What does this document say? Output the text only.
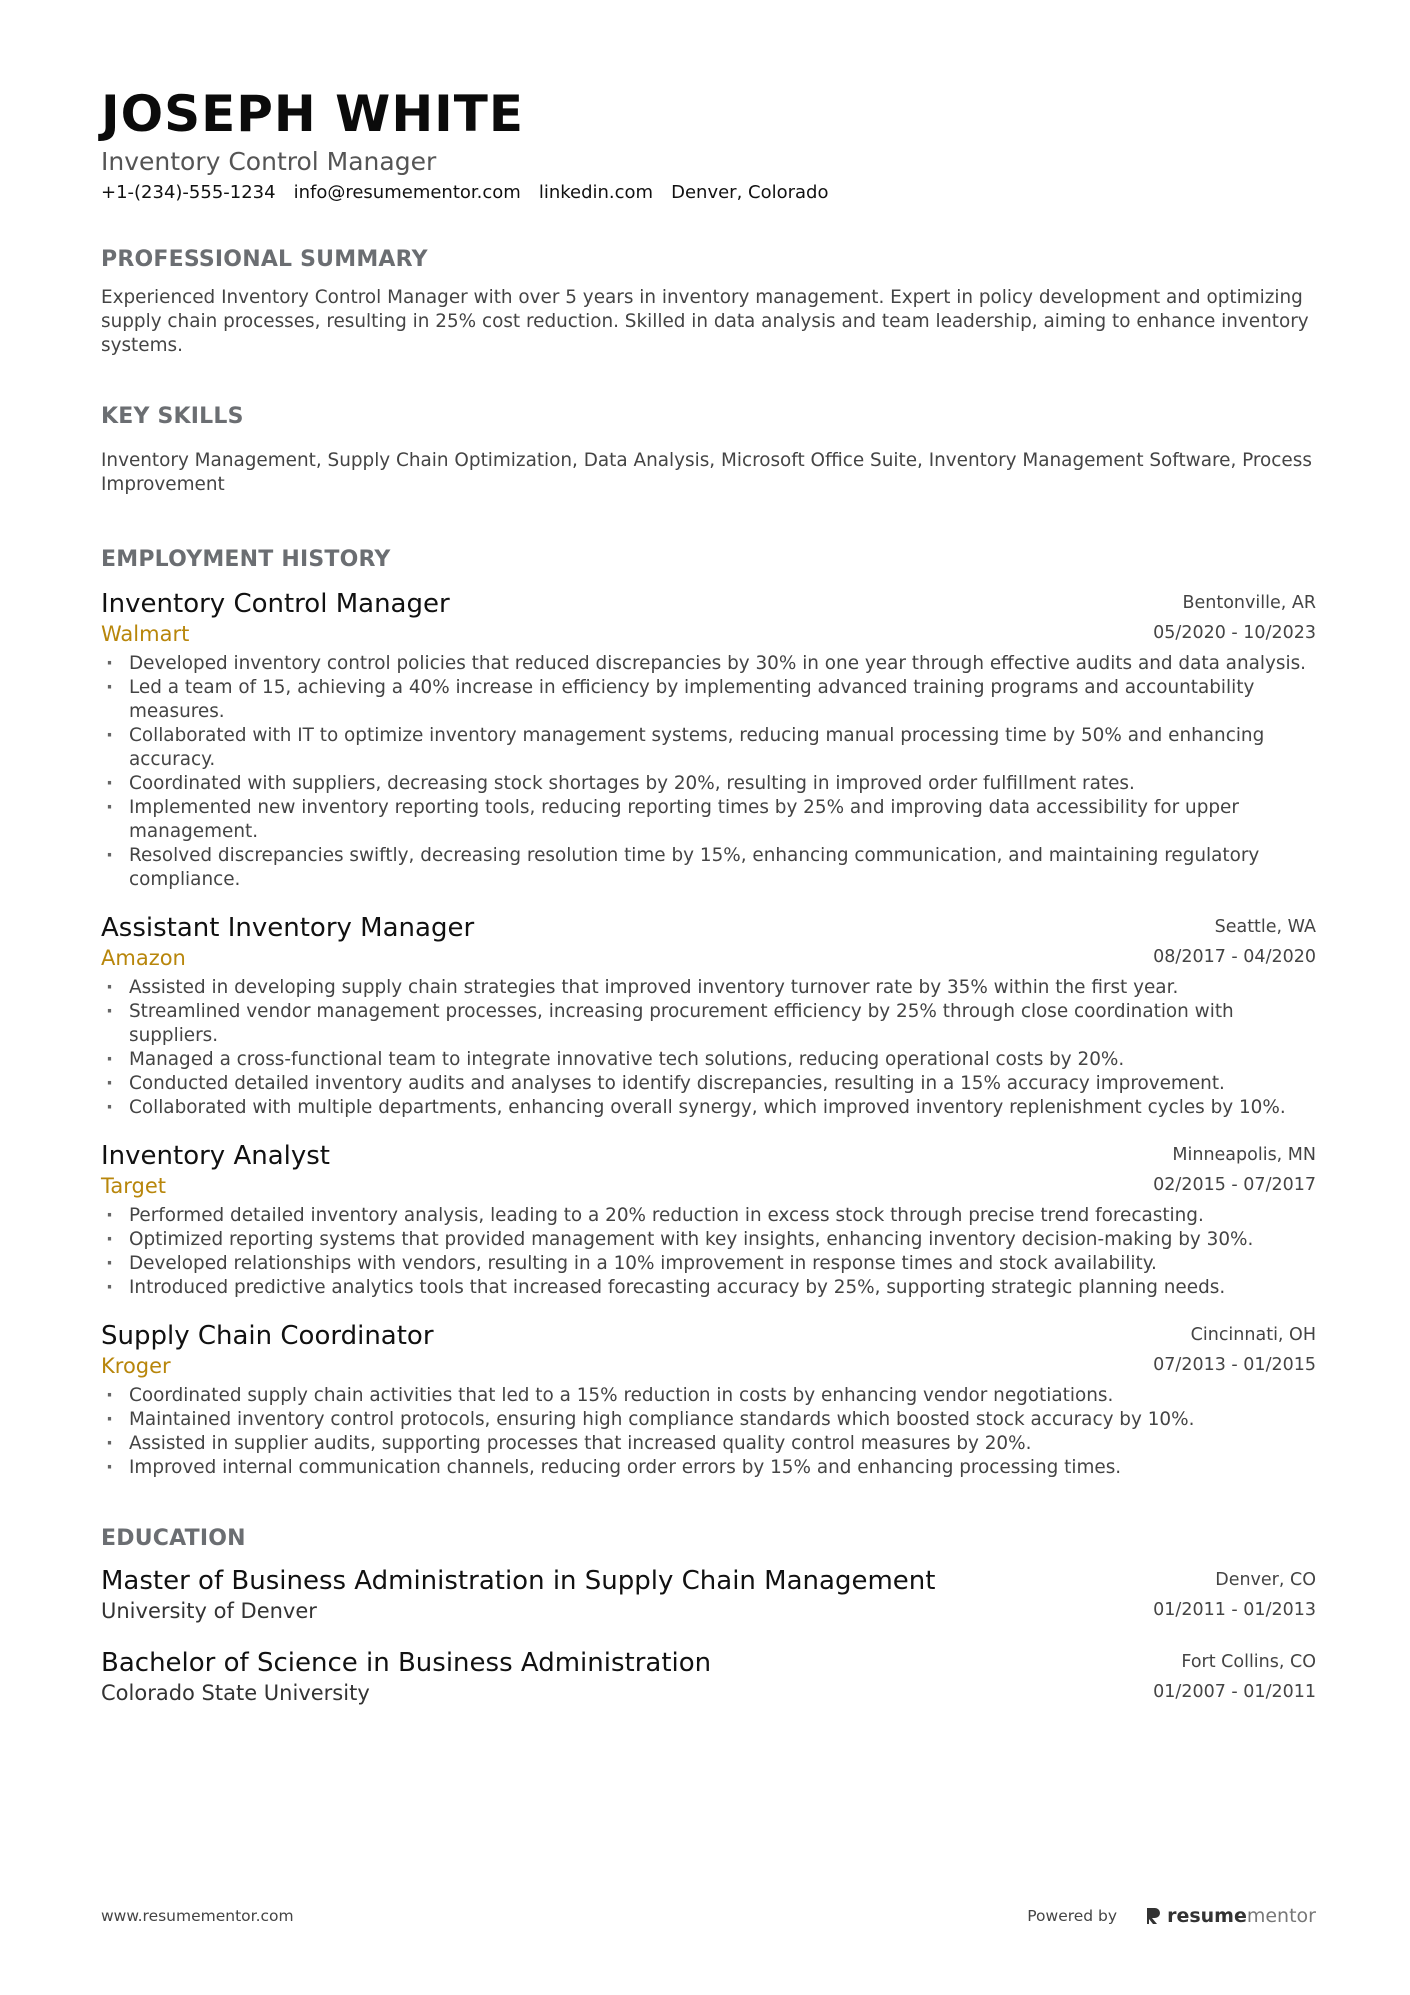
JOSEPH WHITE
Inventory Control Manager
+1-(234)-555-1234 info@resumementor.com linkedin.com Denver, Colorado
PROFESSIONAL SUMMARY
Experienced Inventory Control Manager with over 5 years in inventory management. Expert in policy development and optimizing supply chain processes, resulting in 25% cost reduction. Skilled in data analysis and team leadership, aiming to enhance inventory systems.
KEY SKILLS
Inventory Management, Supply Chain Optimization, Data Analysis, Microsoft Office Suite, Inventory Management Software, Process Improvement
EMPLOYMENT HISTORY
Inventory Control Manager
Walmart
Bentonville, AR
05/2020 - 10/2023
· Developed inventory control policies that reduced discrepancies by 30% in one year through effective audits and data analysis.
· Led a team of 15, achieving a 40% increase in efficiency by implementing advanced training programs and accountability measures.
· Collaborated with IT to optimize inventory management systems, reducing manual processing time by 50% and enhancing accuracy.
· Coordinated with suppliers, decreasing stock shortages by 20%, resulting in improved order fulfillment rates.
· Implemented new inventory reporting tools, reducing reporting times by 25% and improving data accessibility for upper management.
· Resolved discrepancies swiftly, decreasing resolution time by 15%, enhancing communication, and maintaining regulatory compliance.
Assistant Inventory Manager
Amazon
Seattle, WA
08/2017 - 04/2020
· Assisted in developing supply chain strategies that improved inventory turnover rate by 35% within the first year.
· Streamlined vendor management processes, increasing procurement efficiency by 25% through close coordination with suppliers.
· Managed a cross-functional team to integrate innovative tech solutions, reducing operational costs by 20%.
· Conducted detailed inventory audits and analyses to identify discrepancies, resulting in a 15% accuracy improvement.
· Collaborated with multiple departments, enhancing overall synergy, which improved inventory replenishment cycles by 10%.
Inventory Analyst
Target
Minneapolis, MN
02/2015 - 07/2017
· Performed detailed inventory analysis, leading to a 20% reduction in excess stock through precise trend forecasting.
· Optimized reporting systems that provided management with key insights, enhancing inventory decision-making by 30%.
· Developed relationships with vendors, resulting in a 10% improvement in response times and stock availability.
· Introduced predictive analytics tools that increased forecasting accuracy by 25%, supporting strategic planning needs.
Supply Chain Coordinator
Kroger
Cincinnati, OH
07/2013 - 01/2015
· Coordinated supply chain activities that led to a 15% reduction in costs by enhancing vendor negotiations.
· Maintained inventory control protocols, ensuring high compliance standards which boosted stock accuracy by 10%.
· Assisted in supplier audits, supporting processes that increased quality control measures by 20%.
· Improved internal communication channels, reducing order errors by 15% and enhancing processing times.
EDUCATION
Master of Business Administration in Supply Chain Management
University of Denver
Denver, CO
01/2011 - 01/2013
Bachelor of Science in Business Administration
Colorado State University
Fort Collins, CO
01/2007 - 01/2011
www.resumementor.com	Powered by	resumementor
